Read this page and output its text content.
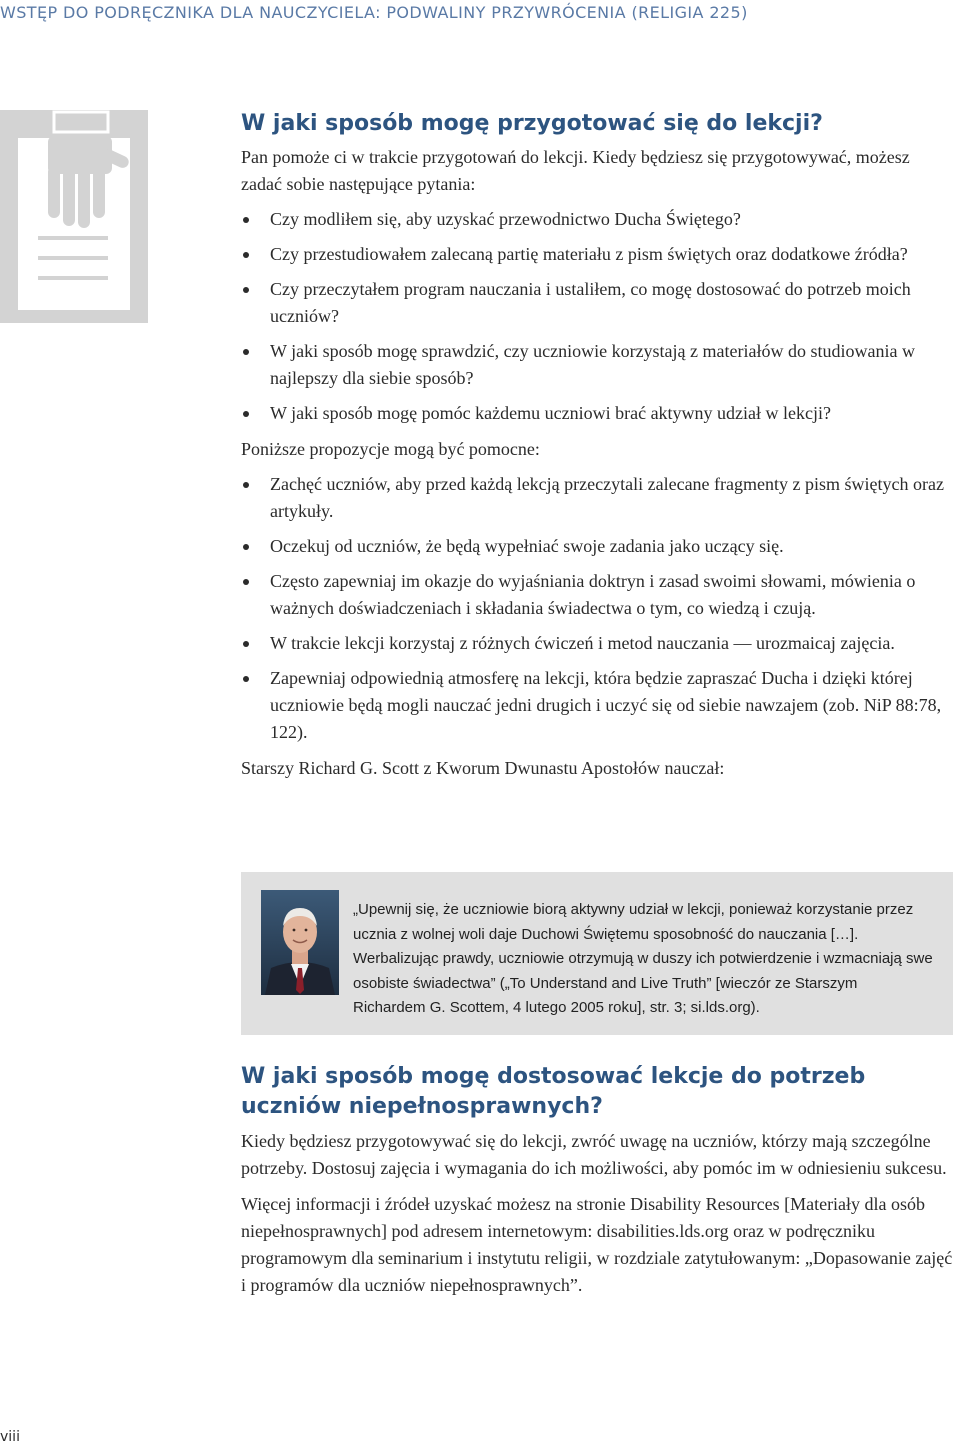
WSTĘP DO PODRĘCZNIKA DLA NAUCZYCIELA: PODWALINY PRZYWRÓCENIA (RELIGIA 225)
W jaki sposób mogę przygotować się do lekcji?

Pan pomoże ci w trakcie przygotowań do lekcji. Kiedy będziesz się przygotowywać, możesz zadać sobie następujące pytania:

Czy modliłem się, aby uzyskać przewodnictwo Ducha Świętego?
Czy przestudiowałem zalecaną partię materiału z pism świętych oraz dodatkowe źródła?
Czy przeczytałem program nauczania i ustaliłem, co mogę dostosować do potrzeb moich uczniów?
W jaki sposób mogę sprawdzić, czy uczniowie korzystają z materiałów do studiowania w najlepszy dla siebie sposób?
W jaki sposób mogę pomóc każdemu uczniowi brać aktywny udział w lekcji?

Poniższe propozycje mogą być pomocne:

Zachęć uczniów, aby przed każdą lekcją przeczytali zalecane fragmenty z pism świętych oraz artykuły.
Oczekuj od uczniów, że będą wypełniać swoje zadania jako uczący się.
Często zapewniaj im okazje do wyjaśniania doktryn i zasad swoimi słowami, mówienia o ważnych doświadczeniach i składania świadectwa o tym, co wiedzą i czują.
W trakcie lekcji korzystaj z różnych ćwiczeń i metod nauczania — urozmaicaj zajęcia.
Zapewniaj odpowiednią atmosferę na lekcji, która będzie zapraszać Ducha i dzięki której uczniowie będą mogli nauczać jedni drugich i uczyć się od siebie nawzajem (zob. NiP 88:78, 122).

Starszy Richard G. Scott z Kworum Dwunastu Apostołów nauczał:

„Upewnij się, że uczniowie biorą aktywny udział w lekcji, ponieważ korzystanie przez ucznia z wolnej woli daje Duchowi Świętemu sposobność do nauczania […]. Werbalizując prawdy, uczniowie otrzymują w duszy ich potwierdzenie i wzmacniają swe osobiste świadectwa” („To Understand and Live Truth” [wieczór ze Starszym Richardem G. Scottem, 4 lutego 2005 roku], str. 3; si.lds.org).
W jaki sposób mogę dostosować lekcje do potrzeb uczniów niepełnosprawnych?

Kiedy będziesz przygotowywać się do lekcji, zwróć uwagę na uczniów, którzy mają szczególne potrzeby. Dostosuj zajęcia i wymagania do ich możliwości, aby pomóc im w odniesieniu sukcesu.

Więcej informacji i źródeł uzyskać możesz na stronie Disability Resources [Materiały dla osób niepełnosprawnych] pod adresem internetowym: disabilities.lds.org oraz w podręczniku programowym dla seminarium i instytutu religii, w rozdziale zatytułowanym: „Dopasowanie zajęć i programów dla uczniów niepełnosprawnych”.

viii
